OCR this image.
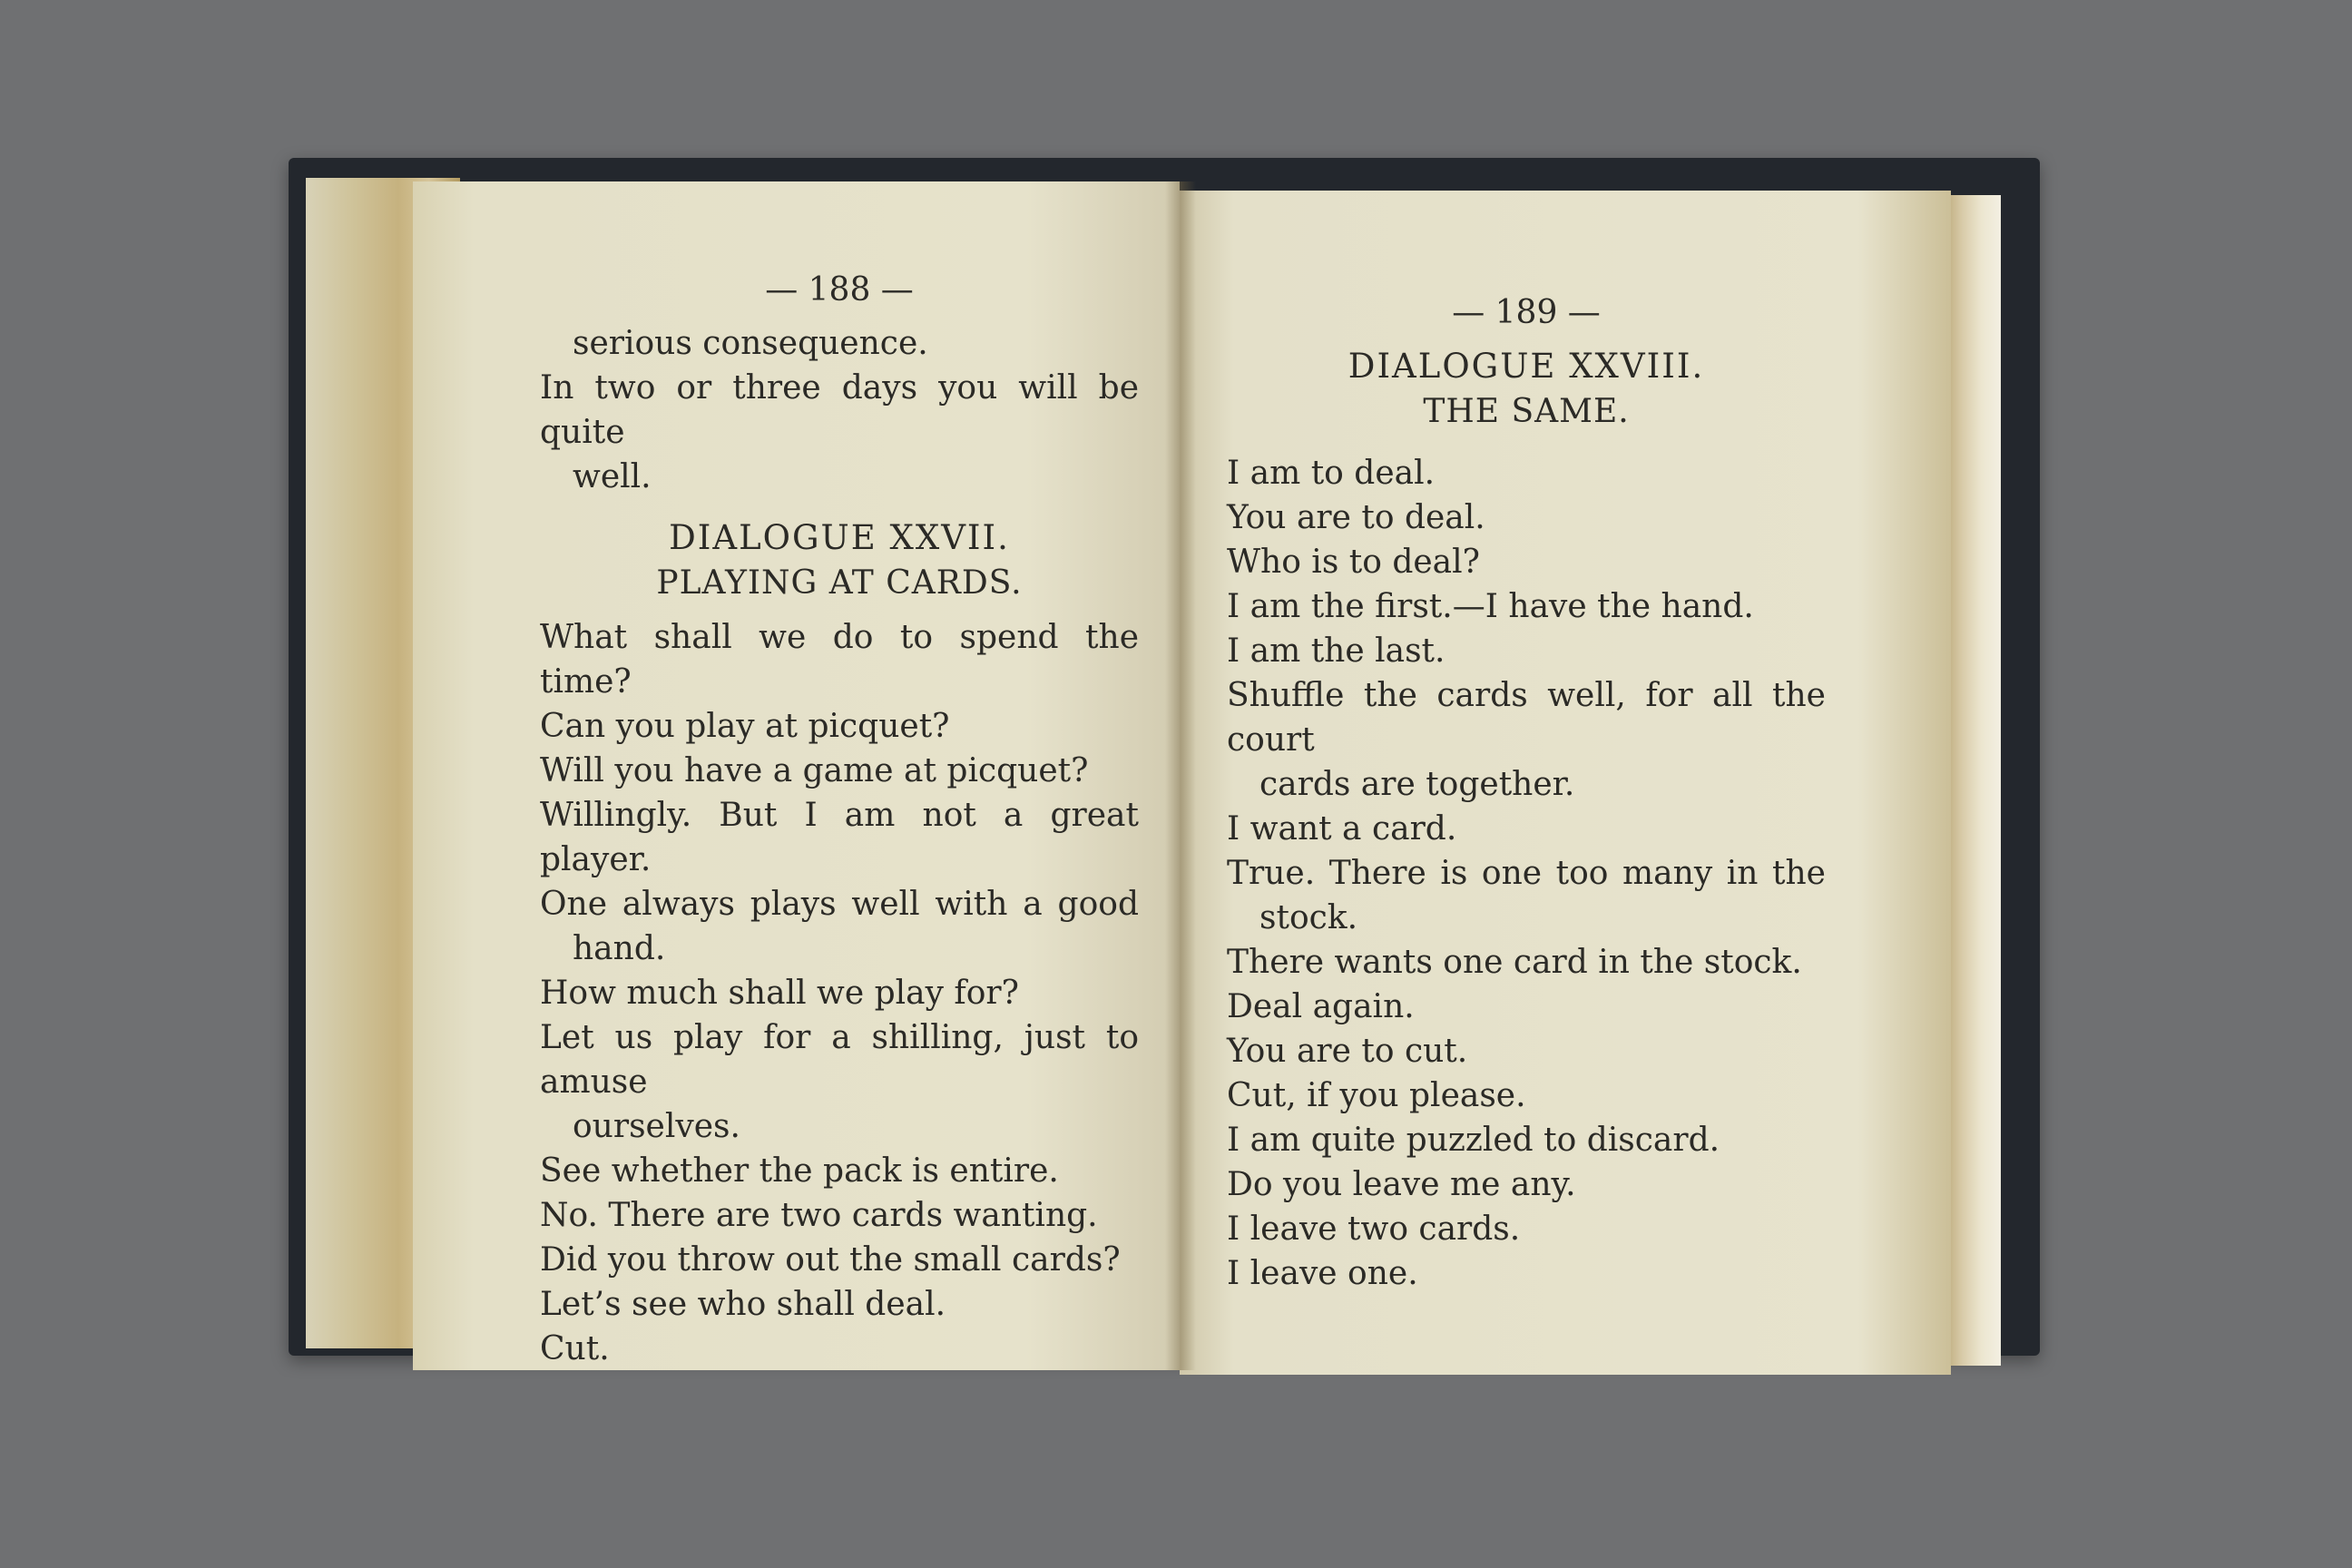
— 188 —
serious consequence.
In two or three days you will be quite
well.
DIALOGUE XXVII.
PLAYING AT CARDS.
What shall we do to spend the time?
Can you play at picquet?
Will you have a game at picquet?
Willingly. But I am not a great player.
One always plays well with a good
hand.
How much shall we play for?
Let us play for a shilling, just to amuse
ourselves.
See whether the pack is entire.
No. There are two cards wanting.
Did you throw out the small cards?
Let’s see who shall deal.
Cut.
— 189 —
DIALOGUE XXVIII.
THE SAME.
I am to deal.
You are to deal.
Who is to deal?
I am the first.—I have the hand.
I am the last.
Shuffle the cards well, for all the court
cards are together.
I want a card.
True. There is one too many in the
stock.
There wants one card in the stock.
Deal again.
You are to cut.
Cut, if you please.
I am quite puzzled to discard.
Do you leave me any.
I leave two cards.
I leave one.
